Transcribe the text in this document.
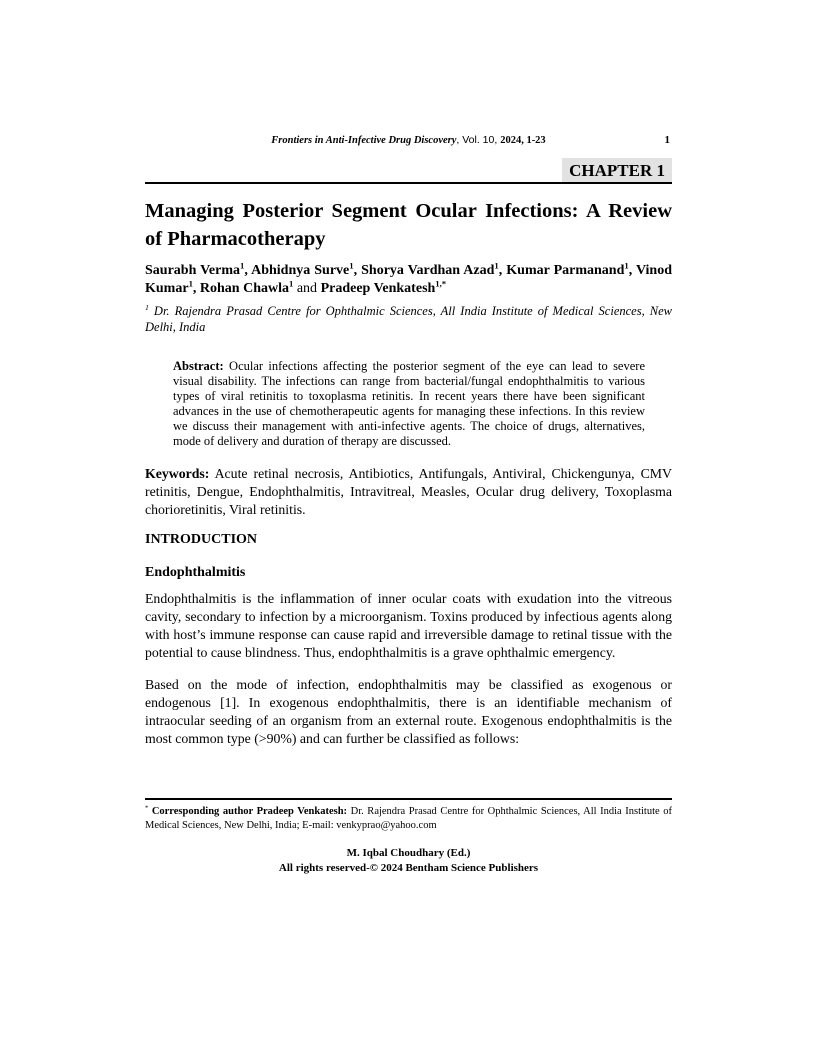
Frontiers in Anti-Infective Drug Discovery, Vol. 10, 2024, 1-23	1
CHAPTER 1
Managing Posterior Segment Ocular Infections: A Review of Pharmacotherapy

Saurabh Verma$^1$, Abhidnya Surve$^1$, Shorya Vardhan Azad$^1$, Kumar Parmanand$^1$, Vinod Kumar$^1$, Rohan Chawla$^1$ and Pradeep Venkatesh$^{1,*}$

$^1$ Dr. Rajendra Prasad Centre for Ophthalmic Sciences, All India Institute of Medical Sciences, New Delhi, India

Abstract: Ocular infections affecting the posterior segment of the eye can lead to severe visual disability. The infections can range from bacterial/fungal endophthalmitis to various types of viral retinitis to toxoplasma retinitis. In recent years there have been significant advances in the use of chemotherapeutic agents for managing these infections. In this review we discuss their management with anti-infective agents. The choice of drugs, alternatives, mode of delivery and duration of therapy are discussed.

Keywords: Acute retinal necrosis, Antibiotics, Antifungals, Antiviral, Chickengunya, CMV retinitis, Dengue, Endophthalmitis, Intravitreal, Measles, Ocular drug delivery, Toxoplasma chorioretinitis, Viral retinitis.

INTRODUCTION
Endophthalmitis

Endophthalmitis is the inflammation of inner ocular coats with exudation into the vitreous cavity, secondary to infection by a microorganism. Toxins produced by infectious agents along with host’s immune response can cause rapid and irreversible damage to retinal tissue with the potential to cause blindness. Thus, endophthalmitis is a grave ophthalmic emergency.

Based on the mode of infection, endophthalmitis may be classified as exogenous or endogenous [1]. In exogenous endophthalmitis, there is an identifiable mechanism of intraocular seeding of an organism from an external route. Exogenous endophthalmitis is the most common type (>90%) and can further be classified as follows:

* Corresponding author Pradeep Venkatesh: Dr. Rajendra Prasad Centre for Ophthalmic Sciences, All India Institute of Medical Sciences, New Delhi, India; E-mail: venkyprao@yahoo.com

M. Iqbal Choudhary (Ed.)
All rights reserved-© 2024 Bentham Science Publishers
